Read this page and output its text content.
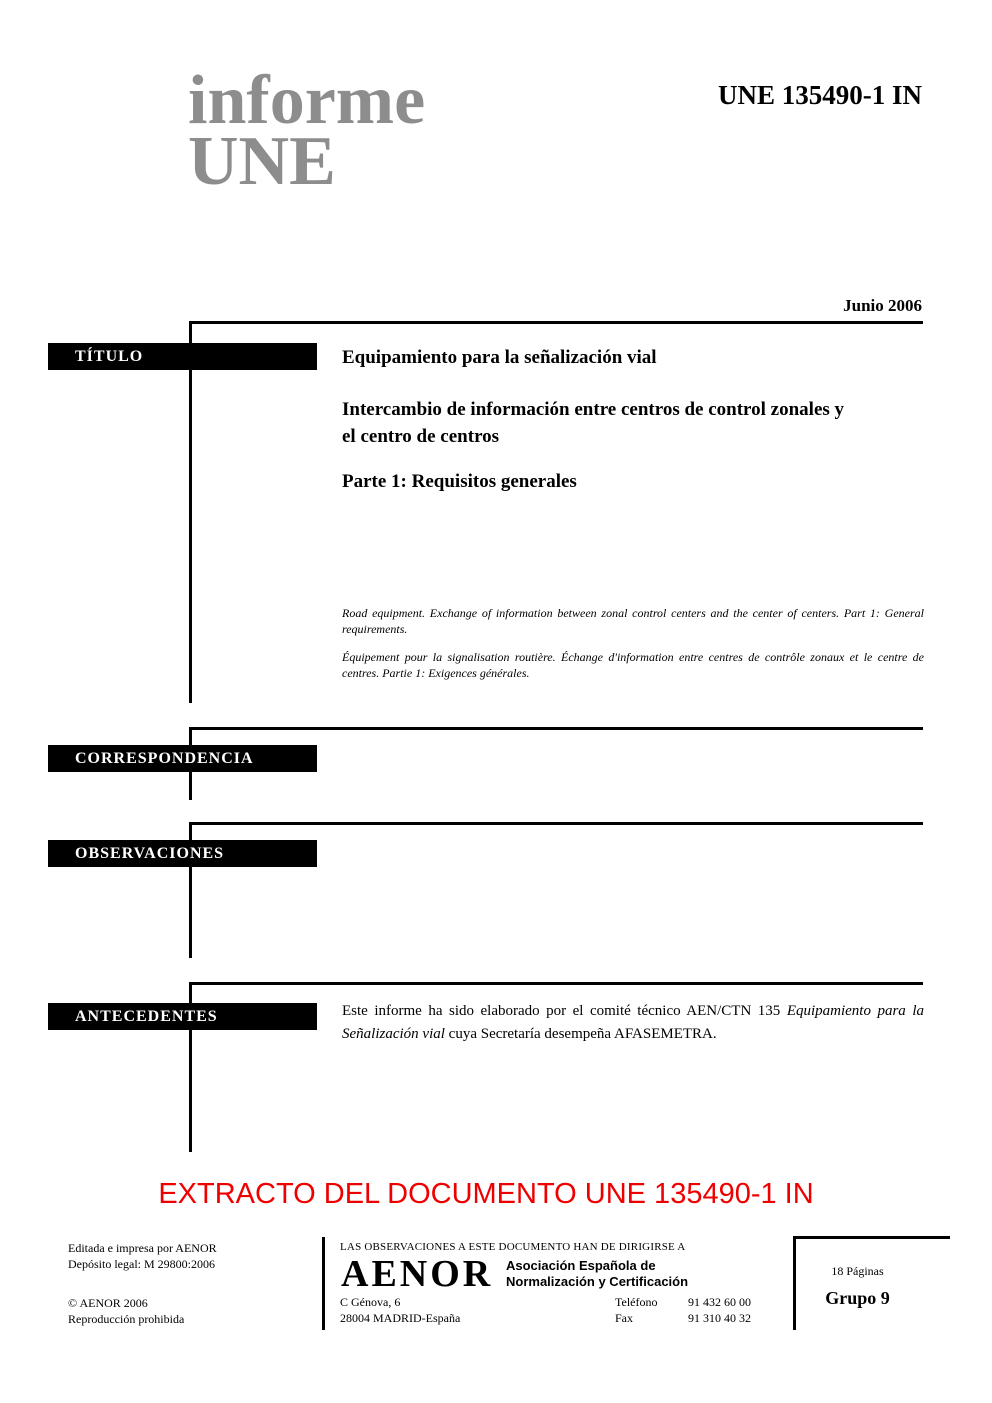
informe
UNE
UNE 135490-1 IN
Junio 2006
TÍTULO	Equipamiento para la señalización vial
Intercambio de información entre centros de control zonales y
el centro de centros
Parte 1: Requisitos generales

Road equipment. Exchange of information between zonal control centers and the center of centers. Part 1: General requirements.

Équipement pour la signalisation routière. Échange d'information entre centres de contrôle zonaux et le centre de centres. Partie 1: Exigences générales.

CORRESPONDENCIA
OBSERVACIONES
ANTECEDENTES	Este informe ha sido elaborado por el comité técnico AEN/CTN 135 Equipamiento para la Señalización vial cuya Secretaría desempeña AFASEMETRA.

EXTRACTO DEL DOCUMENTO UNE 135490-1 IN
Editada e impresa por AENOR
Depósito legal: M 29800:2006
© AENOR 2006
Reproducción prohibida
LAS OBSERVACIONES A ESTE DOCUMENTO HAN DE DIRIGIRSE A
AENOR Asociación Española de
Normalización y Certificación
C Génova, 6
28004 MADRID-España
Teléfono
Fax
91 432 60 00
91 310 40 32
18 Páginas
Grupo 9
